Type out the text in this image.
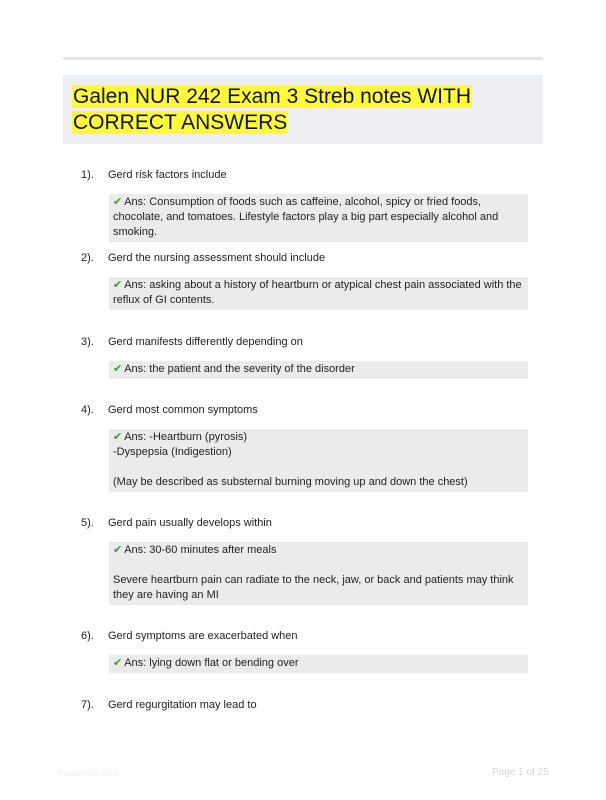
Galen NUR 242 Exam 3 Streb notes WITH CORRECT ANSWERS
1).	Gerd risk factors include

✔ Ans: Consumption of foods such as caffeine, alcohol, spicy or fried foods, chocolate, and tomatoes. Lifestyle factors play a big part especially alcohol and smoking.

2).	Gerd the nursing assessment should include

✔ Ans: asking about a history of heartburn or atypical chest pain associated with the reflux of GI contents.

3).	Gerd manifests differently depending on

✔ Ans: the patient and the severity of the disorder

4).	Gerd most common symptoms

✔ Ans: -Heartburn (pyrosis)

-Dyspepsia (Indigestion)

(May be described as substernal burning moving up and down the chest)

5).	Gerd pain usually develops within

✔ Ans: 30-60 minutes after meals

Severe heartburn pain can radiate to the neck, jaw, or back and patients may think they are having an MI

6).	Gerd symptoms are exacerbated when

✔ Ans: lying down flat or bending over

7).	Gerd regurgitation may lead to
Paperfollo.com	Page 1 of 25
